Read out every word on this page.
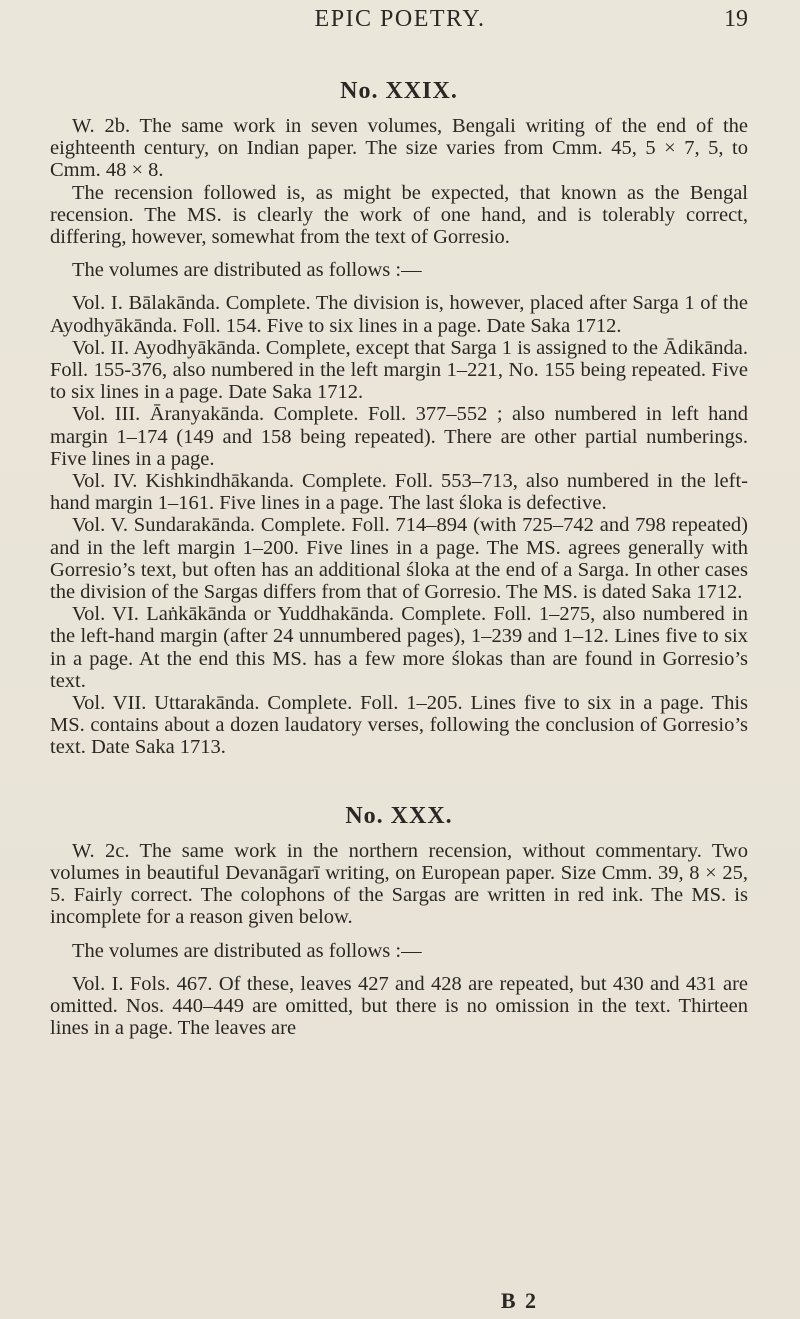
EPIC POETRY.	19
No. XXIX.

W. 2b. The same work in seven volumes, Bengali writing of the end of the eighteenth century, on Indian paper. The size varies from Cmm. 45, 5 × 7, 5, to Cmm. 48 × 8.

The recension followed is, as might be expected, that known as the Bengal recension. The MS. is clearly the work of one hand, and is tolerably correct, differing, however, somewhat from the text of Gorresio.

The volumes are distributed as follows :—

Vol. I. Bālakānda. Complete. The division is, however, placed after Sarga 1 of the Ayodhyākānda. Foll. 154. Five to six lines in a page. Date Saka 1712.

Vol. II. Ayodhyākānda. Complete, except that Sarga 1 is assigned to the Ādikānda. Foll. 155-376, also numbered in the left margin 1–221, No. 155 being repeated. Five to six lines in a page. Date Saka 1712.

Vol. III. Āranyakānda. Complete. Foll. 377–552 ; also numbered in left hand margin 1–174 (149 and 158 being repeated). There are other partial numberings. Five lines in a page.

Vol. IV. Kishkindhākanda. Complete. Foll. 553–713, also numbered in the left-hand margin 1–161. Five lines in a page. The last śloka is defective.

Vol. V. Sundarakānda. Complete. Foll. 714–894 (with 725–742 and 798 repeated) and in the left margin 1–200. Five lines in a page. The MS. agrees generally with Gorresio’s text, but often has an additional śloka at the end of a Sarga. In other cases the division of the Sargas differs from that of Gorresio. The MS. is dated Saka 1712.

Vol. VI. Laṅkākānda or Yuddhakānda. Complete. Foll. 1–275, also numbered in the left-hand margin (after 24 unnumbered pages), 1–239 and 1–12. Lines five to six in a page. At the end this MS. has a few more ślokas than are found in Gorresio’s text.

Vol. VII. Uttarakānda. Complete. Foll. 1–205. Lines five to six in a page. This MS. contains about a dozen laudatory verses, following the conclusion of Gorresio’s text. Date Saka 1713.

No. XXX.

W. 2c. The same work in the northern recension, without commentary. Two volumes in beautiful Devanāgarī writing, on European paper. Size Cmm. 39, 8 × 25, 5. Fairly correct. The colophons of the Sargas are written in red ink. The MS. is incomplete for a reason given below.

The volumes are distributed as follows :—

Vol. I. Fols. 467. Of these, leaves 427 and 428 are repeated, but 430 and 431 are omitted. Nos. 440–449 are omitted, but there is no omission in the text. Thirteen lines in a page. The leaves are

B 2
